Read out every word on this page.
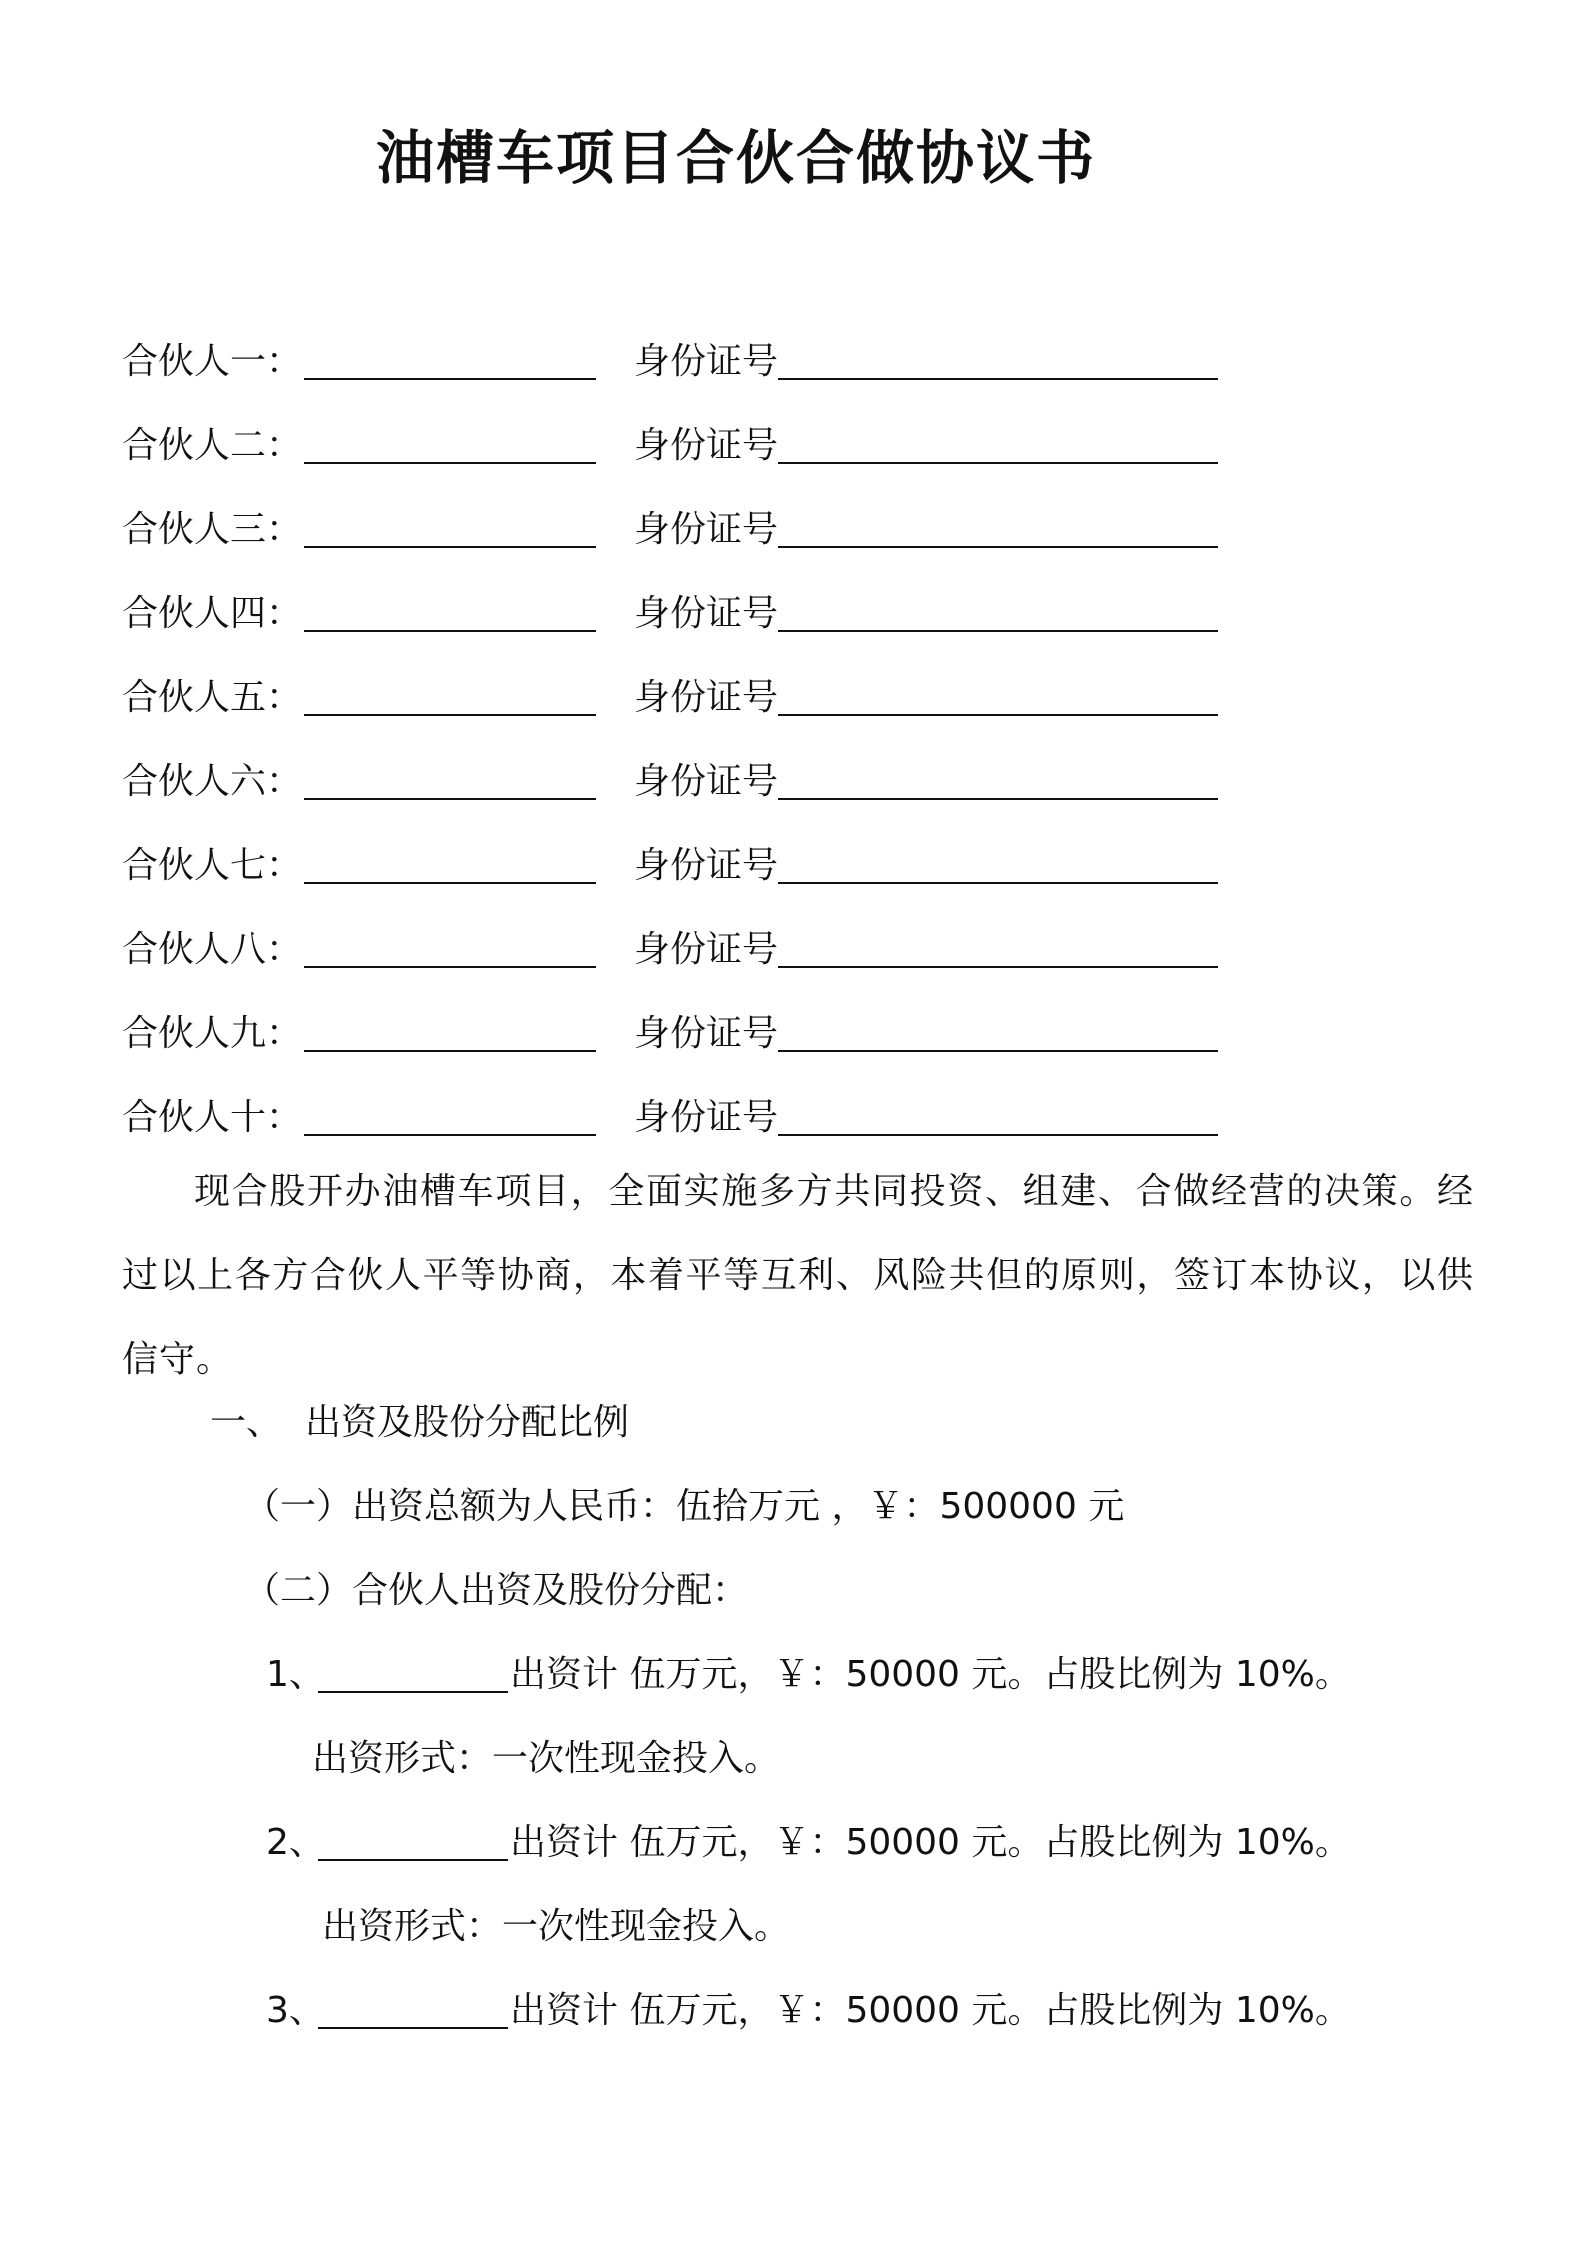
油槽车项目合伙合做协议书
合伙人一：	身份证号
合伙人二：	身份证号
合伙人三：	身份证号
合伙人四：	身份证号
合伙人五：	身份证号
合伙人六：	身份证号
合伙人七：	身份证号
合伙人八：	身份证号
合伙人九：	身份证号
合伙人十：	身份证号
现合股开办油槽车项目，全面实施多方共同投资、组建、合做经营的决策。经过以上各方合伙人平等协商，本着平等互利、风险共但的原则，签订本协议，以供信守。
一、 出资及股份分配比例
（一）出资总额为人民币：伍拾万元 ，￥：500000 元
（二）合伙人出资及股份分配：
1、	出资计 伍万元，￥：50000 元。占股比例为 10%。
出资形式：一次性现金投入。
2、	出资计 伍万元，￥：50000 元。占股比例为 10%。
出资形式：一次性现金投入。
3、	出资计 伍万元，￥：50000 元。占股比例为 10%。
